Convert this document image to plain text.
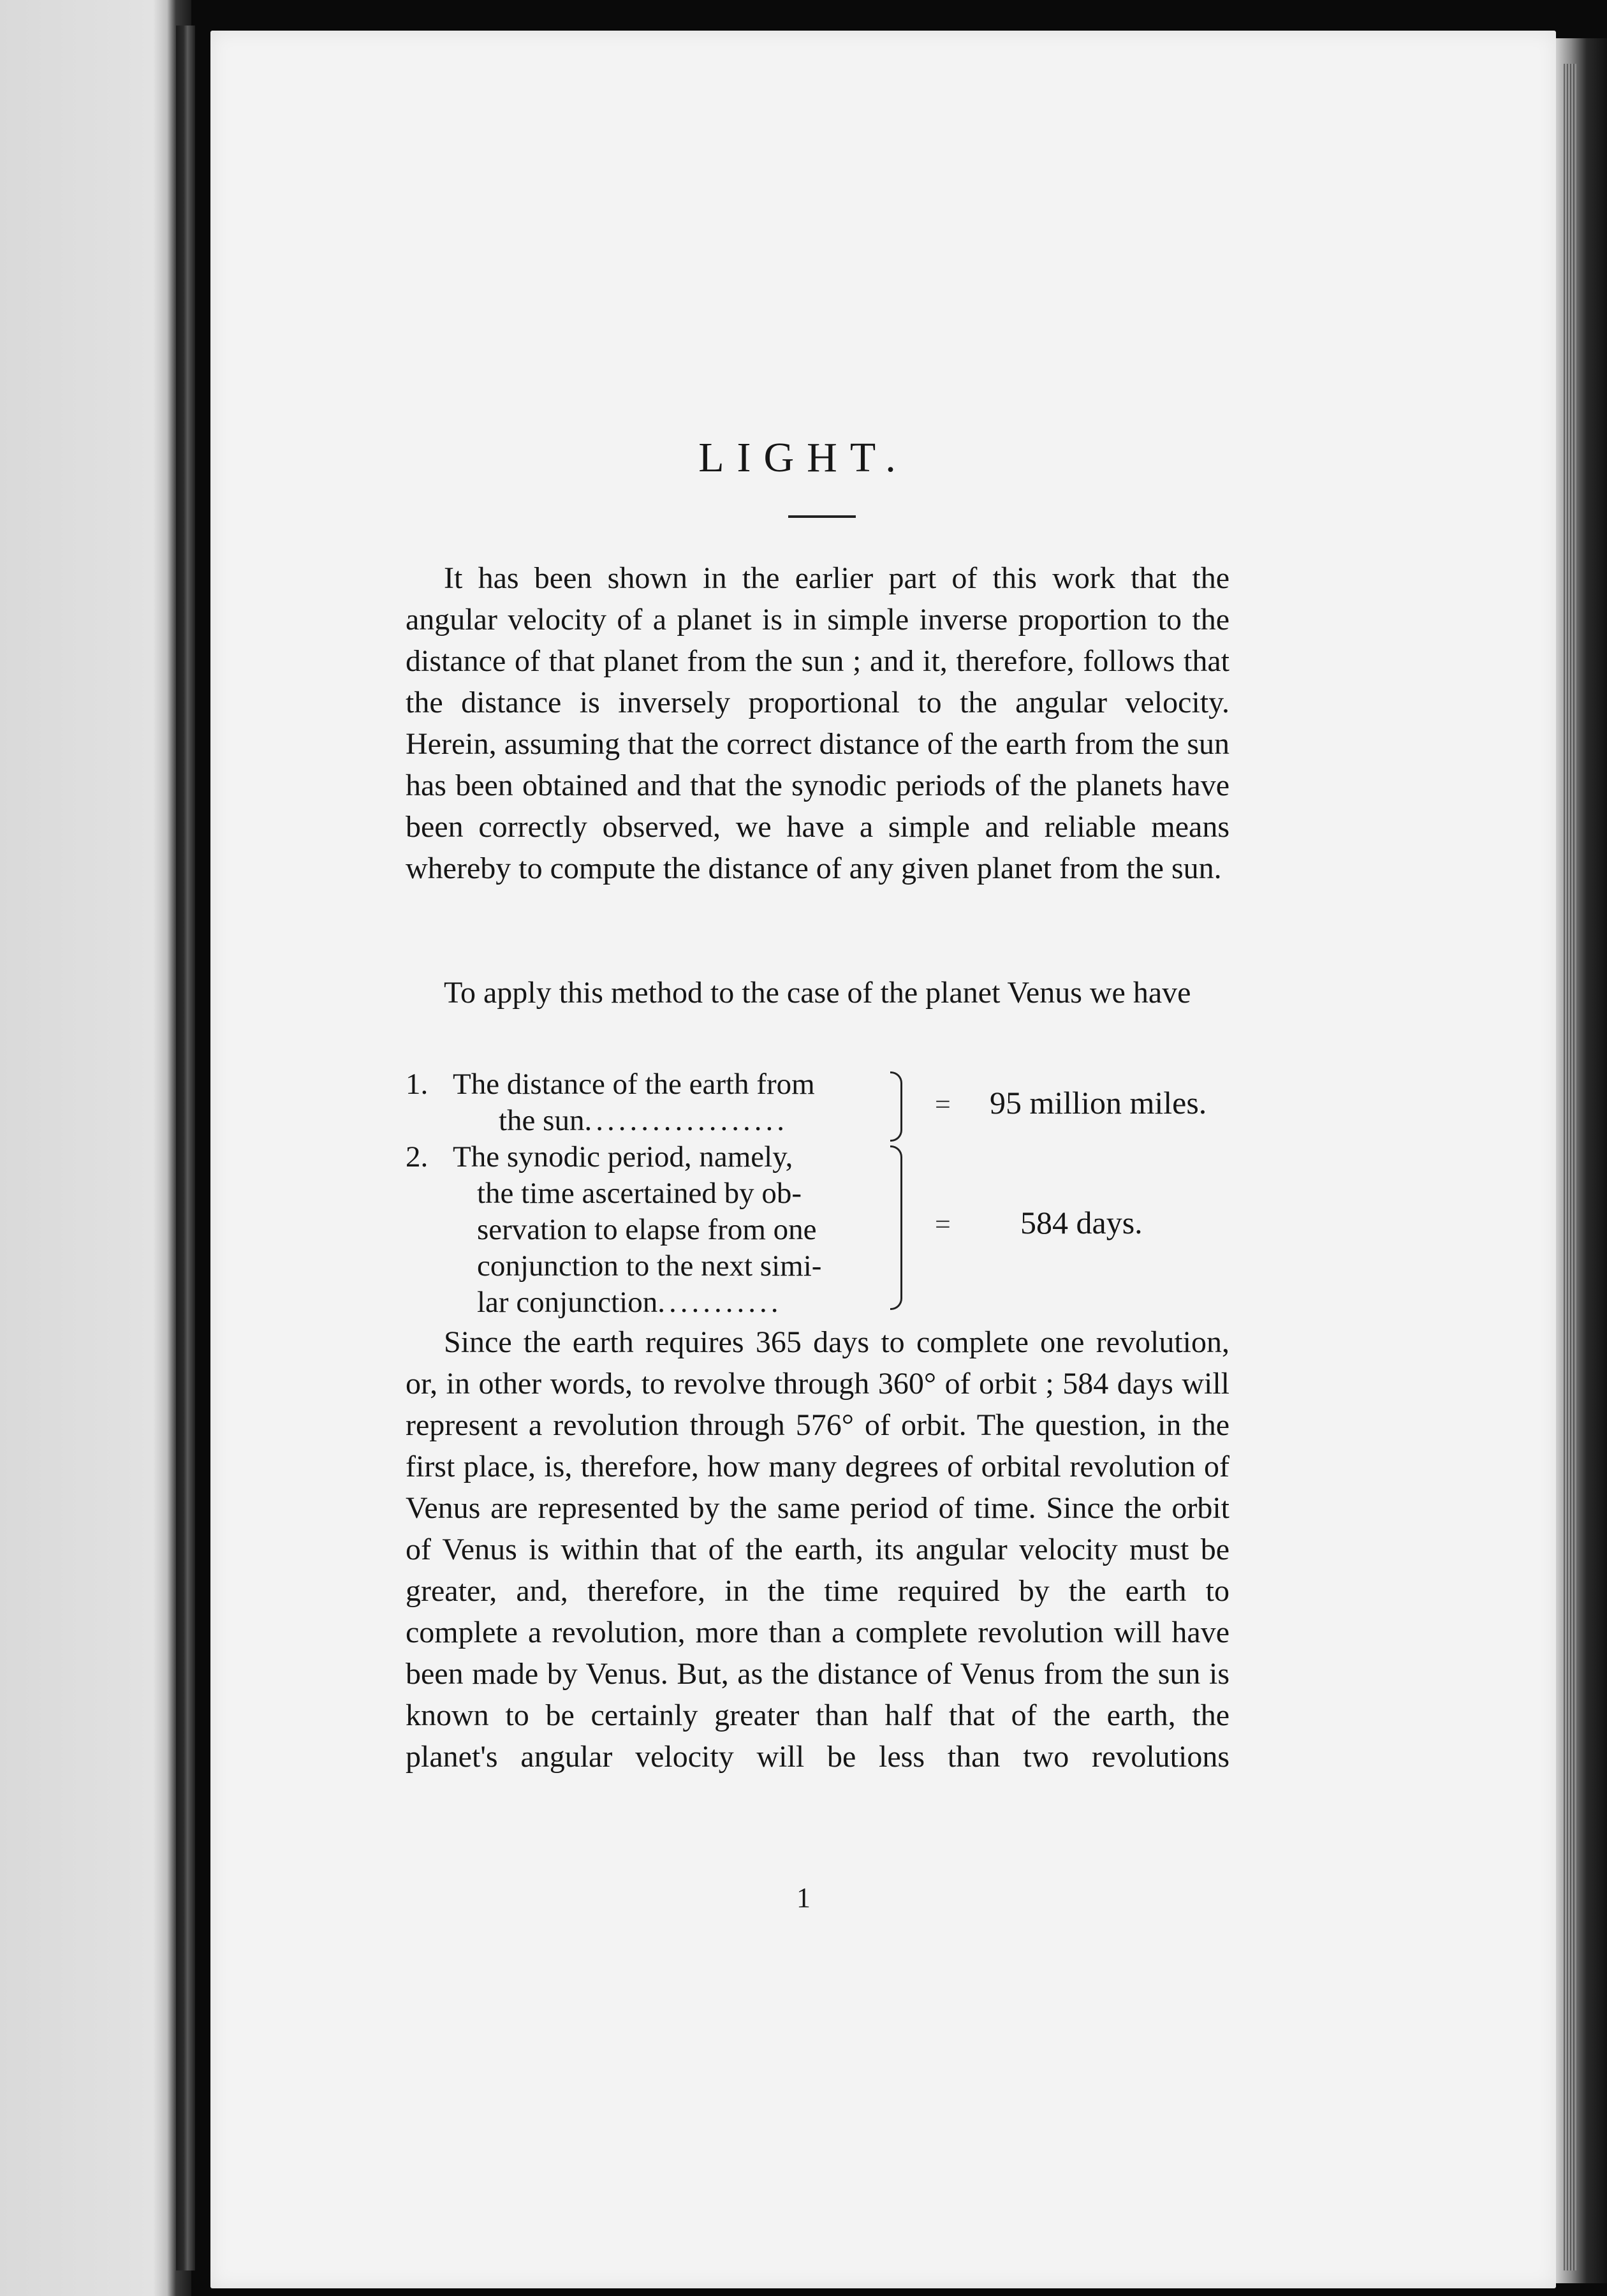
LIGHT.
It has been shown in the earlier part of this work that the angular velocity of a planet is in simple inverse proportion to the distance of that planet from the sun ; and it, therefore, follows that the distance is inversely proportional to the angular velocity. Herein, assuming that the correct distance of the earth from the sun has been obtained and that the synodic periods of the planets have been correctly observed, we have a simple and reliable means whereby to compute the distance of any given planet from the sun.
To apply this method to the case of the planet Venus we have
1. The distance of the earth from
the sun..................	= 95 million miles.
2. The synodic period, namely,
the time ascertained by ob-
servation to elapse from one
conjunction to the next simi-
lar conjunction...........
= 584 days.
Since the earth requires 365 days to complete one revolution, or, in other words, to revolve through 360° of orbit ; 584 days will represent a revolution through 576° of orbit. The question, in the first place, is, therefore, how many degrees of orbital revolution of Venus are represented by the same period of time. Since the orbit of Venus is within that of the earth, its angular velocity must be greater, and, therefore, in the time required by the earth to complete a revolution, more than a complete revolution will have been made by Venus. But, as the distance of Venus from the sun is known to be certainly greater than half that of the earth, the planet's angular velocity will be less than two revolutions
1
